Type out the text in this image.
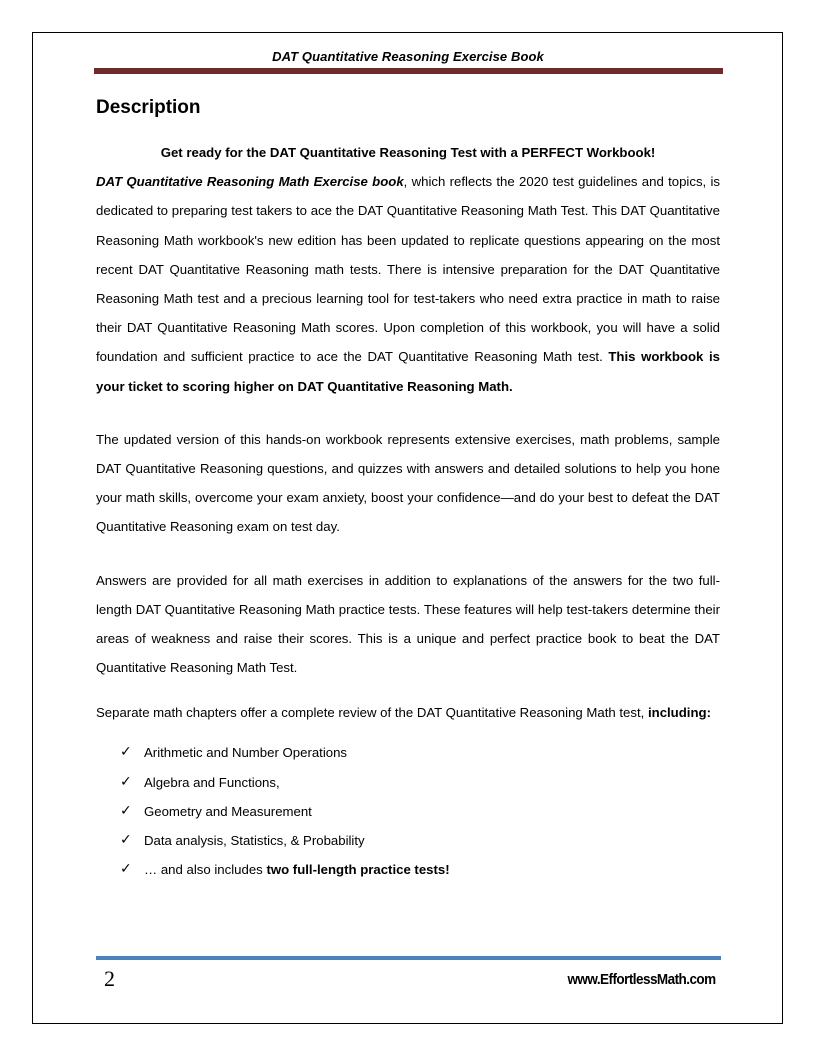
DAT Quantitative Reasoning Exercise Book
Description

Get ready for the DAT Quantitative Reasoning Test with a PERFECT Workbook!

DAT Quantitative Reasoning Math Exercise book, which reflects the 2020 test guidelines and topics, is dedicated to preparing test takers to ace the DAT Quantitative Reasoning Math Test. This DAT Quantitative Reasoning Math workbook's new edition has been updated to replicate questions appearing on the most recent DAT Quantitative Reasoning math tests. There is intensive preparation for the DAT Quantitative Reasoning Math test and a precious learning tool for test-takers who need extra practice in math to raise their DAT Quantitative Reasoning Math scores. Upon completion of this workbook, you will have a solid foundation and sufficient practice to ace the DAT Quantitative Reasoning Math test. This workbook is your ticket to scoring higher on DAT Quantitative Reasoning Math.

The updated version of this hands-on workbook represents extensive exercises, math problems, sample DAT Quantitative Reasoning questions, and quizzes with answers and detailed solutions to help you hone your math skills, overcome your exam anxiety, boost your confidence—and do your best to defeat the DAT Quantitative Reasoning exam on test day.

Answers are provided for all math exercises in addition to explanations of the answers for the two full-length DAT Quantitative Reasoning Math practice tests. These features will help test-takers determine their areas of weakness and raise their scores. This is a unique and perfect practice book to beat the DAT Quantitative Reasoning Math Test.

Separate math chapters offer a complete review of the DAT Quantitative Reasoning Math test, including:

✓ Arithmetic and Number Operations
✓ Algebra and Functions,
✓ Geometry and Measurement
✓ Data analysis, Statistics, & Probability
✓ … and also includes two full-length practice tests!
2	www.EffortlessMath.com
